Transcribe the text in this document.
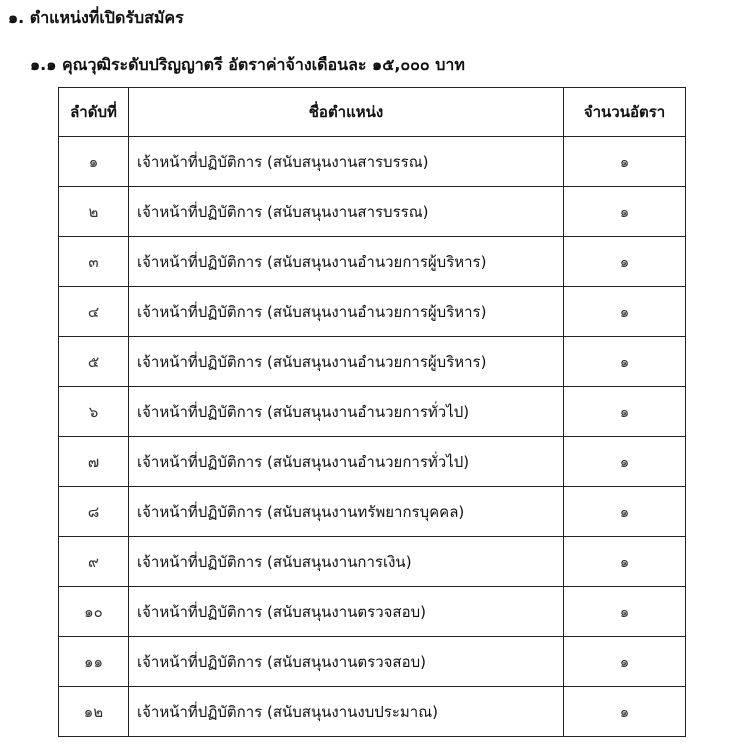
๑. ตำแหน่งที่เปิดรับสมัคร
๑.๑ คุณวุฒิระดับปริญญาตรี อัตราค่าจ้างเดือนละ ๑๕,๐๐๐ บาท
ลำดับที่	ชื่อตำแหน่ง	จำนวนอัตรา
๑	เจ้าหน้าที่ปฏิบัติการ (สนับสนุนงานสารบรรณ)	๑
๒	เจ้าหน้าที่ปฏิบัติการ (สนับสนุนงานสารบรรณ)	๑
๓	เจ้าหน้าที่ปฏิบัติการ (สนับสนุนงานอำนวยการผู้บริหาร)	๑
๔	เจ้าหน้าที่ปฏิบัติการ (สนับสนุนงานอำนวยการผู้บริหาร)	๑
๕	เจ้าหน้าที่ปฏิบัติการ (สนับสนุนงานอำนวยการผู้บริหาร)	๑
๖	เจ้าหน้าที่ปฏิบัติการ (สนับสนุนงานอำนวยการทั่วไป)	๑
๗	เจ้าหน้าที่ปฏิบัติการ (สนับสนุนงานอำนวยการทั่วไป)	๑
๘	เจ้าหน้าที่ปฏิบัติการ (สนับสนุนงานทรัพยากรบุคคล)	๑
๙	เจ้าหน้าที่ปฏิบัติการ (สนับสนุนงานการเงิน)	๑
๑๐	เจ้าหน้าที่ปฏิบัติการ (สนับสนุนงานตรวจสอบ)	๑
๑๑	เจ้าหน้าที่ปฏิบัติการ (สนับสนุนงานตรวจสอบ)	๑
๑๒	เจ้าหน้าที่ปฏิบัติการ (สนับสนุนงานงบประมาณ)	๑
